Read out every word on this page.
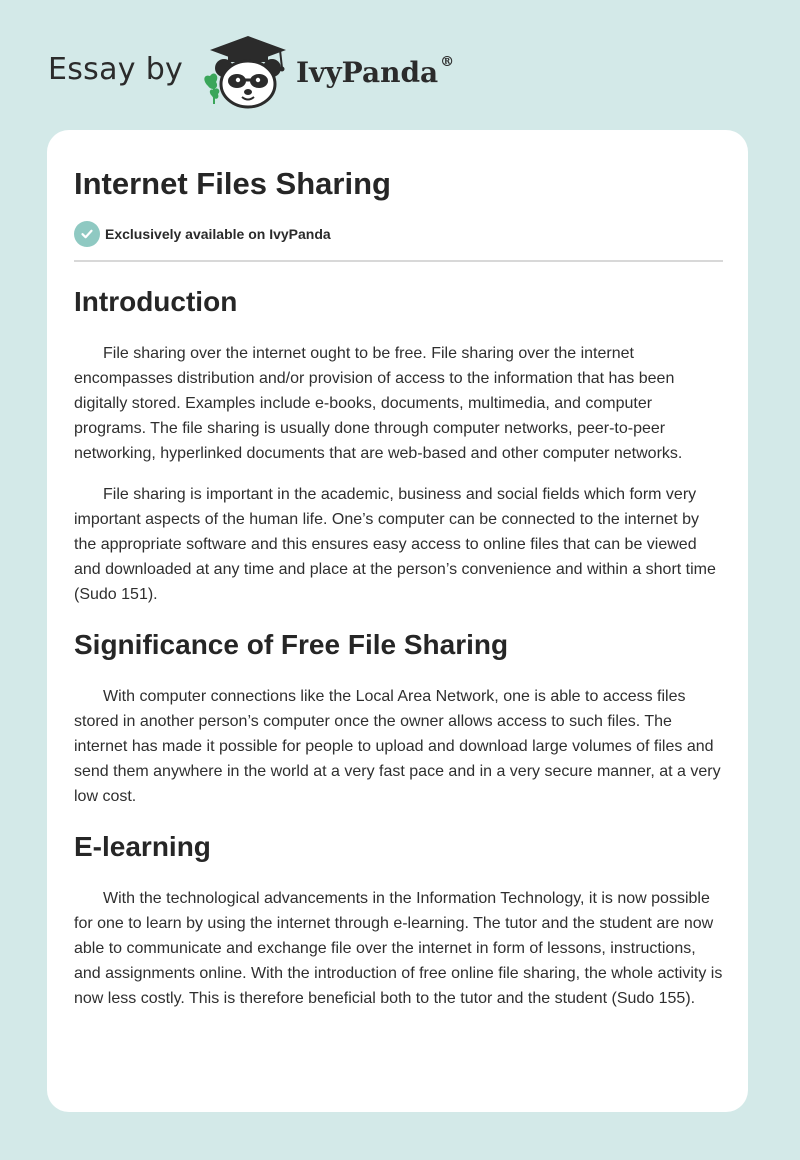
Essay by	IvyPanda ®
Internet Files Sharing
Exclusively available on IvyPanda
Introduction

File sharing over the internet ought to be free. File sharing over the internet encompasses distribution and/or provision of access to the information that has been digitally stored. Examples include e-books, documents, multimedia, and computer programs. The file sharing is usually done through computer networks, peer-to-peer networking, hyperlinked documents that are web-based and other computer networks.

File sharing is important in the academic, business and social fields which form very important aspects of the human life. One’s computer can be connected to the internet by the appropriate software and this ensures easy access to online files that can be viewed and downloaded at any time and place at the person’s convenience and within a short time (Sudo 151).

Significance of Free File Sharing

With computer connections like the Local Area Network, one is able to access files stored in another person’s computer once the owner allows access to such files. The internet has made it possible for people to upload and download large volumes of files and send them anywhere in the world at a very fast pace and in a very secure manner, at a very low cost.

E-learning

With the technological advancements in the Information Technology, it is now possible for one to learn by using the internet through e-learning. The tutor and the student are now able to communicate and exchange file over the internet in form of lessons, instructions, and assignments online. With the introduction of free online file sharing, the whole activity is now less costly. This is therefore beneficial both to the tutor and the student (Sudo 155).
